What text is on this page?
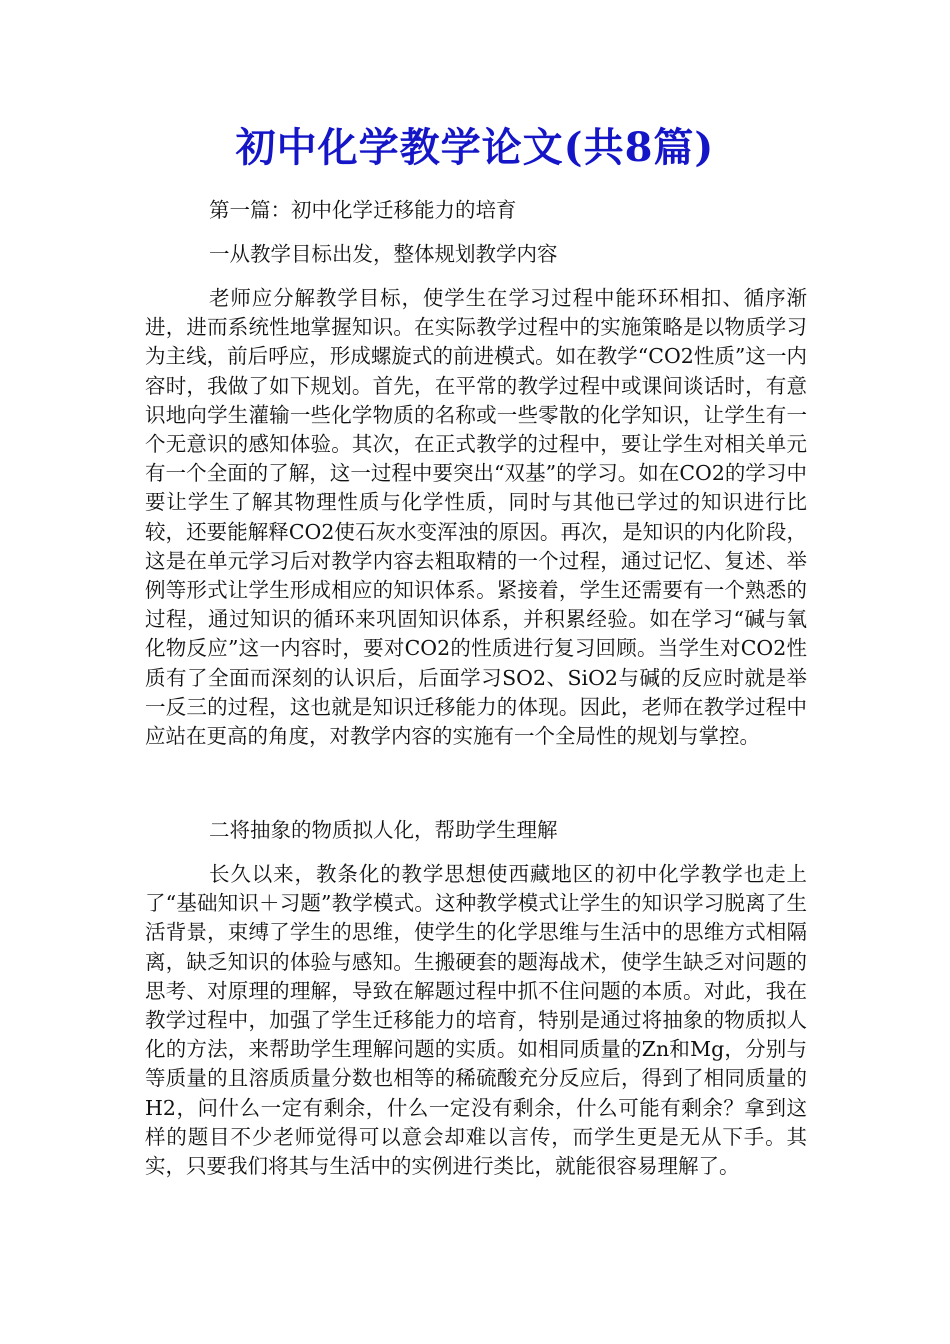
初中化学教学论文(共8篇)

第一篇：初中化学迁移能力的培育

一从教学目标出发，整体规划教学内容

老师应分解教学目标，使学生在学习过程中能环环相扣、循序渐进，进而系统性地掌握知识。在实际教学过程中的实施策略是以物质学习为主线，前后呼应，形成螺旋式的前进模式。如在教学“CO2性质”这一内容时，我做了如下规划。首先，在平常的教学过程中或课间谈话时，有意识地向学生灌输一些化学物质的名称或一些零散的化学知识，让学生有一个无意识的感知体验。其次，在正式教学的过程中，要让学生对相关单元有一个全面的了解，这一过程中要突出“双基”的学习。如在CO2的学习中要让学生了解其物理性质与化学性质，同时与其他已学过的知识进行比较，还要能解释CO2使石灰水变浑浊的原因。再次，是知识的内化阶段，这是在单元学习后对教学内容去粗取精的一个过程，通过记忆、复述、举例等形式让学生形成相应的知识体系。紧接着，学生还需要有一个熟悉的过程，通过知识的循环来巩固知识体系，并积累经验。如在学习“碱与氧化物反应”这一内容时，要对CO2的性质进行复习回顾。当学生对CO2性质有了全面而深刻的认识后，后面学习SO2、SiO2与碱的反应时就是举一反三的过程，这也就是知识迁移能力的体现。因此，老师在教学过程中应站在更高的角度，对教学内容的实施有一个全局性的规划与掌控。

二将抽象的物质拟人化，帮助学生理解

长久以来，教条化的教学思想使西藏地区的初中化学教学也走上了“基础知识＋习题”教学模式。这种教学模式让学生的知识学习脱离了生活背景，束缚了学生的思维，使学生的化学思维与生活中的思维方式相隔离，缺乏知识的体验与感知。生搬硬套的题海战术，使学生缺乏对问题的思考、对原理的理解，导致在解题过程中抓不住问题的本质。对此，我在教学过程中，加强了学生迁移能力的培育，特别是通过将抽象的物质拟人化的方法，来帮助学生理解问题的实质。如相同质量的Zn和Mg，分别与等质量的且溶质质量分数也相等的稀硫酸充分反应后，得到了相同质量的H2，问什么一定有剩余，什么一定没有剩余，什么可能有剩余？拿到这样的题目不少老师觉得可以意会却难以言传，而学生更是无从下手。其实，只要我们将其与生活中的实例进行类比，就能很容易理解了。
